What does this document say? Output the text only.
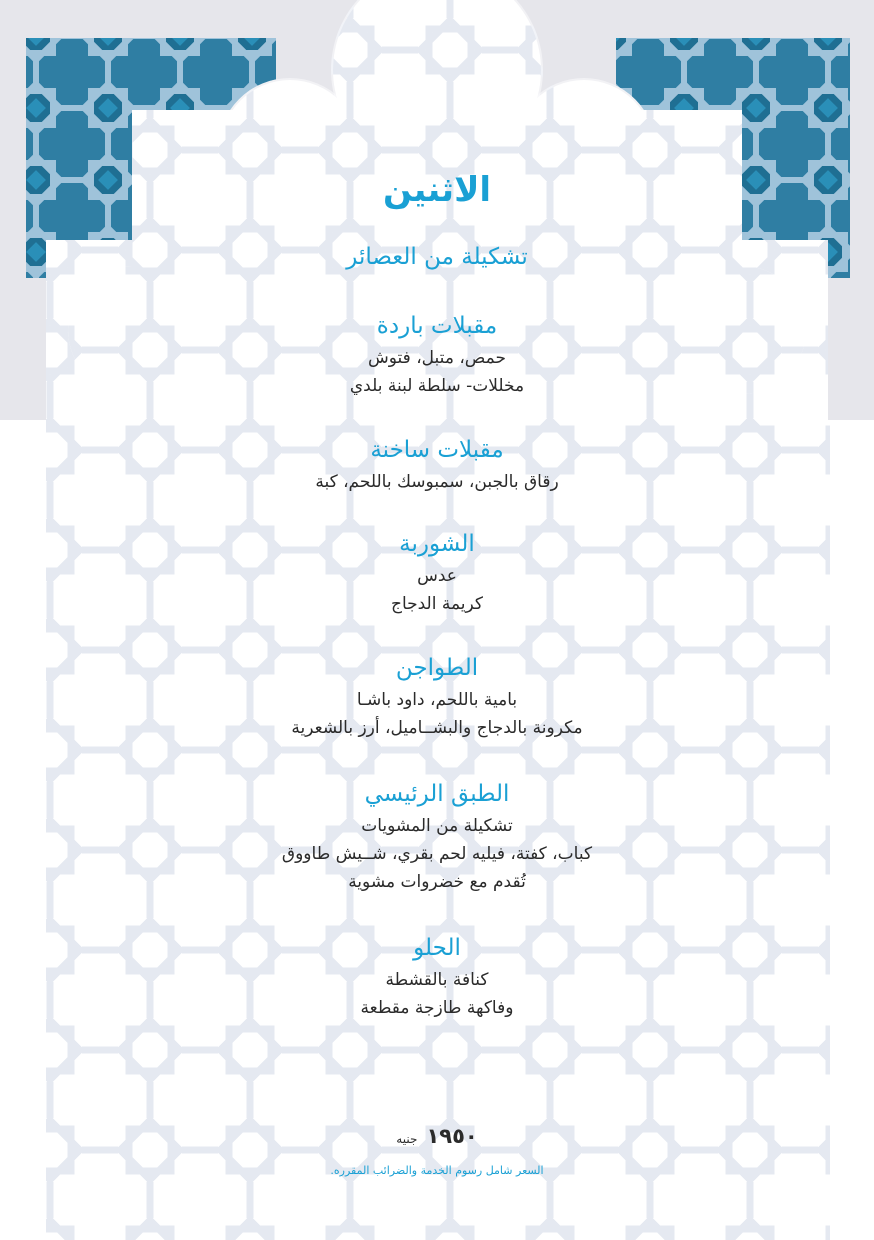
الاثنين
تشكيلة من العصائر
مقبلات باردة
حمص، متبل، فتوش
مخللات- سلطة لبنة بلدي
مقبلات ساخنة
رقاق بالجبن، سمبوسك باللحم، كبة
الشوربة
عدس
كريمة الدجاج
الطواجن
بامية باللحم، داود باشـا
مكرونة بالدجاج والبشــاميل، أرز بالشعرية
الطبق الرئيسي
تشكيلة من المشويات
كباب، كفتة، فيليه لحم بقري، شــيش طاووق
تُقدم مع خضروات مشوية
الحلو
كنافة بالقشطة
وفاكهة طازجة مقطعة
١٩٥٠ جنيه
السعر شامل رسوم الخدمة والضرائب المقرره.
